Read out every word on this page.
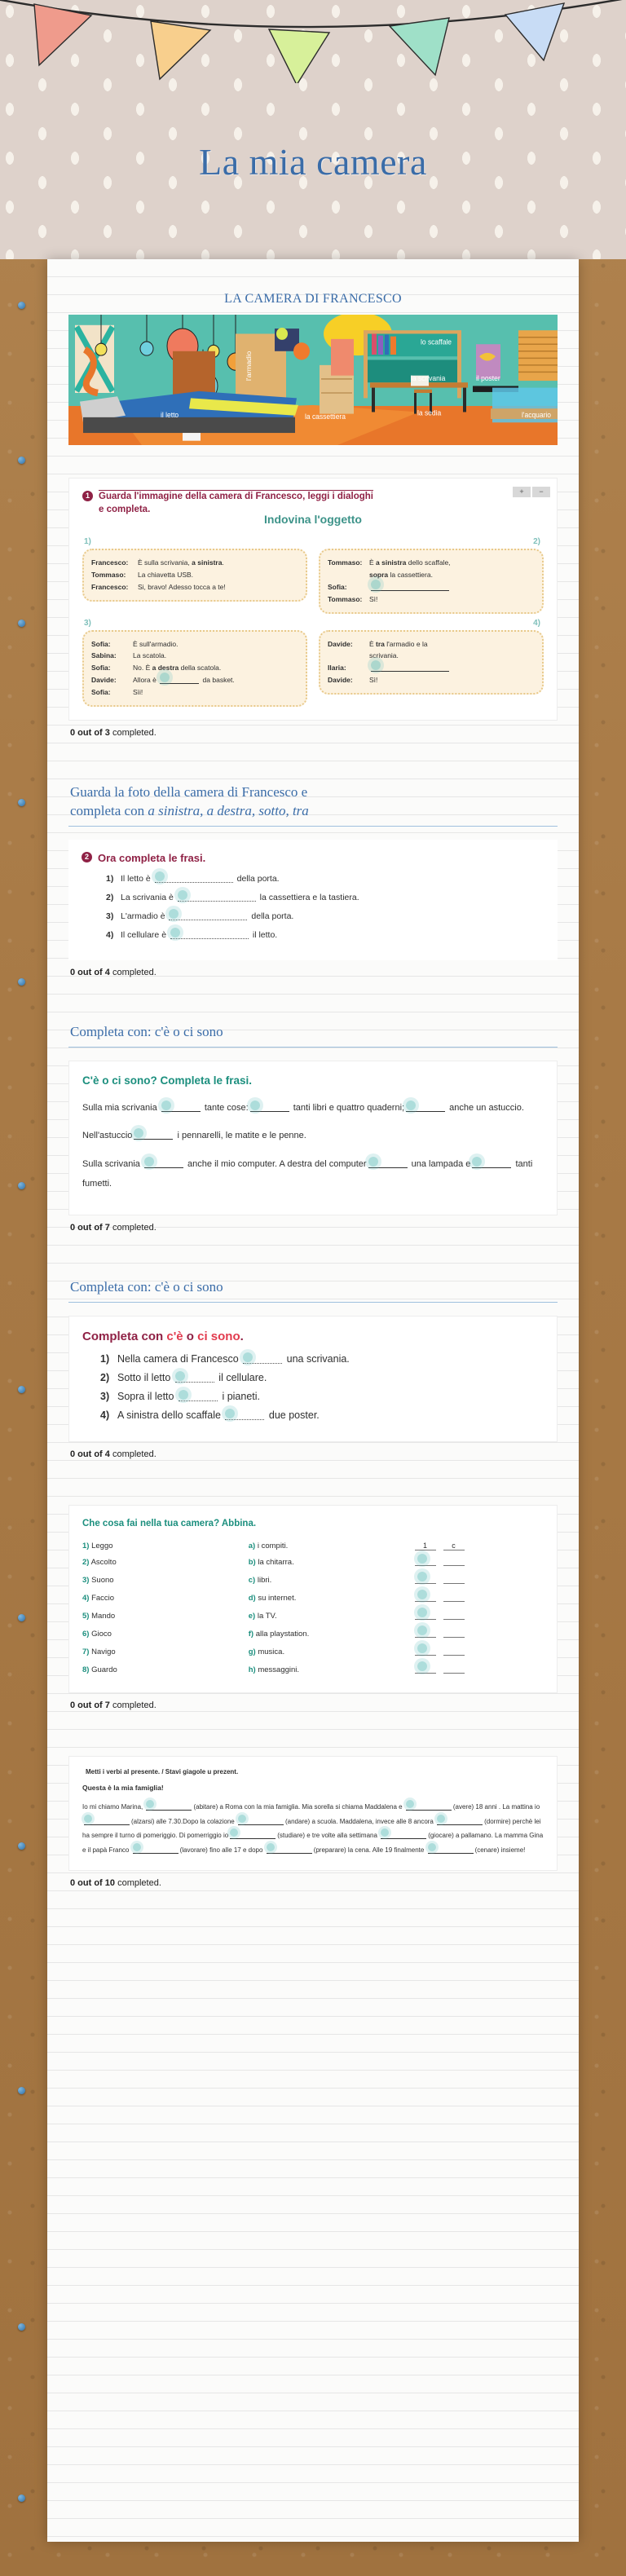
La mia camera
LA CAMERA DI FRANCESCO
il letto	la cassettiera
la scrivania
la sedia
lo scaffale
il poster
l'acquario
l'armadio
+	−
1 Guarda l'immagine della camera di Francesco, leggi i dialoghi
e completa.
Indovina l'oggetto
1)
Francesco:	È sulla scrivania, a sinistra.
Tommaso:	La chiavetta USB.
Francesco:	Si, bravo! Adesso tocca a te!
2)
Tommaso:	È a sinistra dello scaffale,
sopra la cassettiera.
Sofia:
Tommaso:	Sì!
3)
Sofia:	È sull'armadio.
Sabina:	La scatola.
Sofia:	No. È a destra della scatola.
Davide:	Allora è	da basket.
Sofia:	Sìi!
4)
Davide:	È tra l'armadio e la
scrivania.
Ilaria:
Davide:	Sì!
0 out of 3 completed.
Guarda la foto della camera di Francesco e
completa con a sinistra, a destra, sotto, tra
2 Ora completa le frasi.
1) Il letto è	della porta.
2) La scrivania è	la cassettiera e la tastiera.
3) L'armadio è	della porta.
4) Il cellulare è	il letto.
0 out of 4 completed.
Completa con: c'è o ci sono
C'è o ci sono? Completa le frasi.
Sulla mia scrivania	tante cose:	tanti libri e quattro quaderni;	anche un astuccio.
Nell'astuccio	i pennarelli, le matite e le penne.
Sulla scrivania	anche il mio computer. A destra del computer	una lampada e	tanti fumetti.
0 out of 7 completed.
Completa con: c'è o ci sono
Completa con c'è o ci sono.
1) Nella camera di Francesco	una scrivania.
2) Sotto il letto	il cellulare.
3) Sopra il letto	i pianeti.
4) A sinistra dello scaffale	due poster.
0 out of 4 completed.
Che cosa fai nella tua camera? Abbina.
1) Leggo	a) i compiti.	1 c
2) Ascolto	b) la chitarra.	
3) Suono	c) libri.	
4) Faccio	d) su internet.	
5) Mando	e) la TV.	
6) Gioco	f) alla playstation.	
7) Navigo	g) musica.	
8) Guardo	h) messaggini.	
0 out of 7 completed.
Metti i verbi al presente. / Stavi giagole u prezent.
Questa è la mia famiglia!
Io mi chiamo Marina,	(abitare) a Roma con la mia famiglia. Mia sorella si chiama Maddalena e	(avere) 18 anni . La mattina io (alzarsi) alle 7.30.Dopo la colazione	(andare) a scuola. Maddalena, invece alle 8 ancora	(dormire) perchè lei ha sempre il turno di pomeriggio. Di pomerriggio io	(studiare) e tre volte alla settimana	(giocare) a pallamano. La mamma Gina e il papà Franco	(lavorare) fino alle 17 e dopo	(preparare) la cena. Alle 19 finalmente	(cenare) insieme!
0 out of 10 completed.
